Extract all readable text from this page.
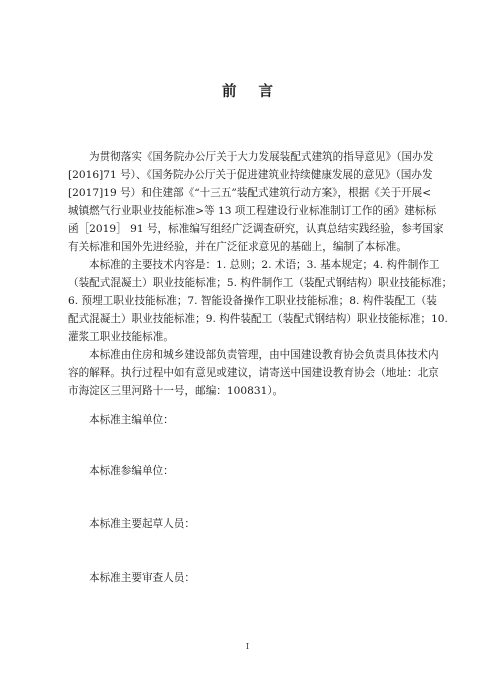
前 言
为贯彻落实《国务院办公厅关于大力发展装配式建筑的指导意见》（国办发
[2016]71 号）、《国务院办公厅关于促进建筑业持续健康发展的意见》（国办发
[2017]19 号）和住建部《“十三五”装配式建筑行动方案》，根据《关于开展<
城镇燃气行业职业技能标准>等 13 项工程建设行业标准制订工作的函》建标标
函［2019］ 91 号，标准编写组经广泛调查研究，认真总结实践经验，参考国家
有关标准和国外先进经验，并在广泛征求意见的基础上，编制了本标准。
本标准的主要技术内容是：1. 总则；2. 术语；3. 基本规定；4. 构件制作工
（装配式混凝土）职业技能标准；5. 构件制作工（装配式钢结构）职业技能标准；
6. 预埋工职业技能标准；7. 智能设备操作工职业技能标准；8. 构件装配工（装
配式混凝土）职业技能标准；9. 构件装配工（装配式钢结构）职业技能标准；10.
灌浆工职业技能标准。
本标准由住房和城乡建设部负责管理，由中国建设教育协会负责具体技术内
容的解释。执行过程中如有意见或建议，请寄送中国建设教育协会（地址：北京
市海淀区三里河路十一号，邮编：100831）。
本标准主编单位：
本标准参编单位：
本标准主要起草人员：
本标准主要审查人员：
I
